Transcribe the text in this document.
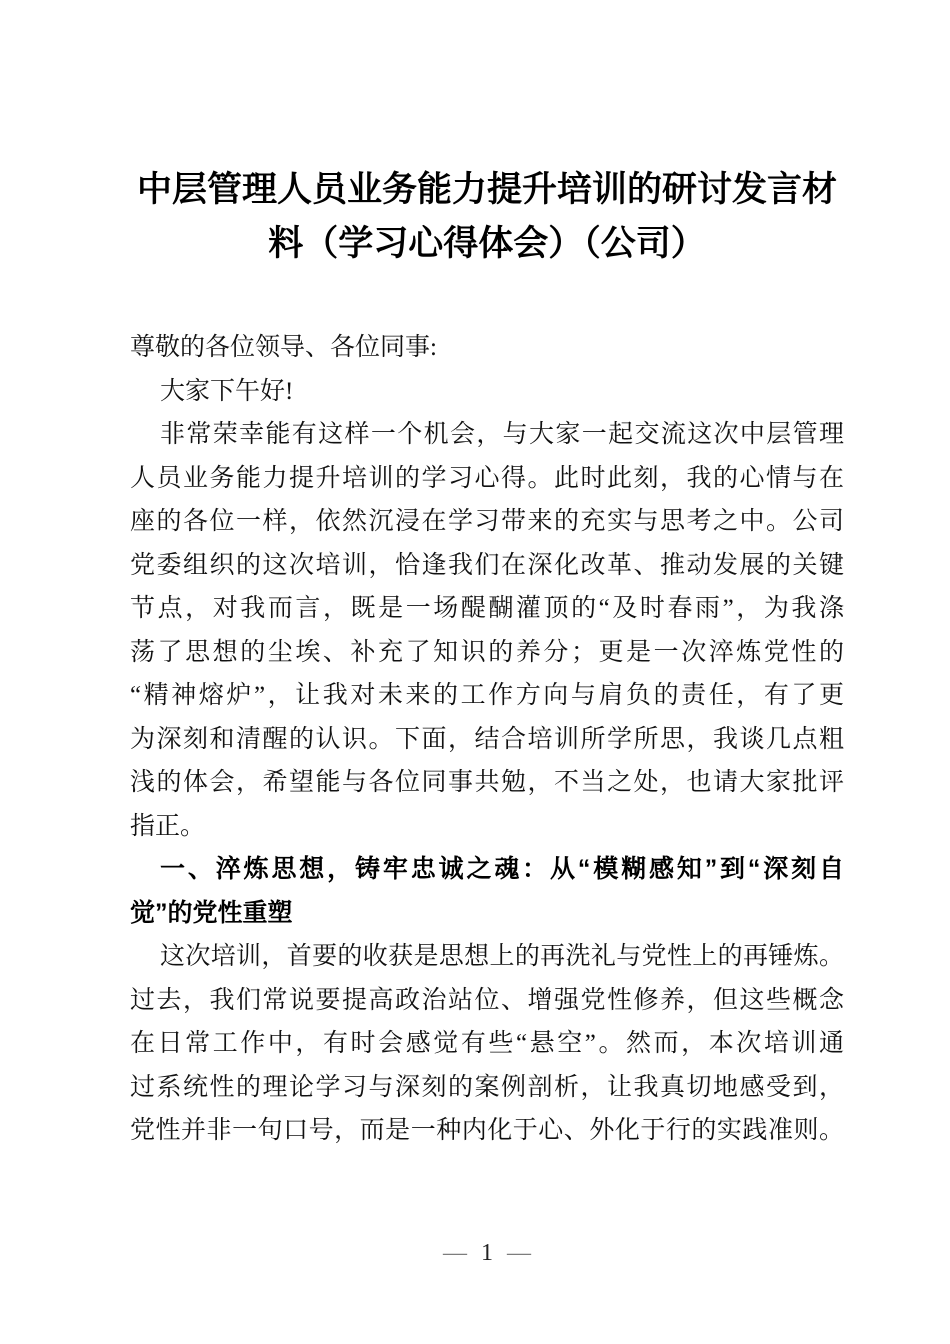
中层管理人员业务能力提升培训的研讨发言材
料（学习心得体会）（公司）
尊敬的各位领导、各位同事:
大家下午好!
非常荣幸能有这样一个机会，与大家一起交流这次中层管理
人员业务能力提升培训的学习心得。此时此刻，我的心情与在
座的各位一样，依然沉浸在学习带来的充实与思考之中。公司
党委组织的这次培训，恰逢我们在深化改革、推动发展的关键
节点，对我而言，既是一场醍醐灌顶的“及时春雨”，为我涤
荡了思想的尘埃、补充了知识的养分；更是一次淬炼党性的
“精神熔炉”，让我对未来的工作方向与肩负的责任，有了更
为深刻和清醒的认识。下面，结合培训所学所思，我谈几点粗
浅的体会，希望能与各位同事共勉，不当之处，也请大家批评
指正。
一、淬炼思想，铸牢忠诚之魂：从“模糊感知”到“深刻自
觉”的党性重塑
这次培训，首要的收获是思想上的再洗礼与党性上的再锤炼。
过去，我们常说要提高政治站位、增强党性修养，但这些概念
在日常工作中，有时会感觉有些“悬空”。然而，本次培训通
过系统性的理论学习与深刻的案例剖析，让我真切地感受到，
党性并非一句口号，而是一种内化于心、外化于行的实践准则。
— 1 —
